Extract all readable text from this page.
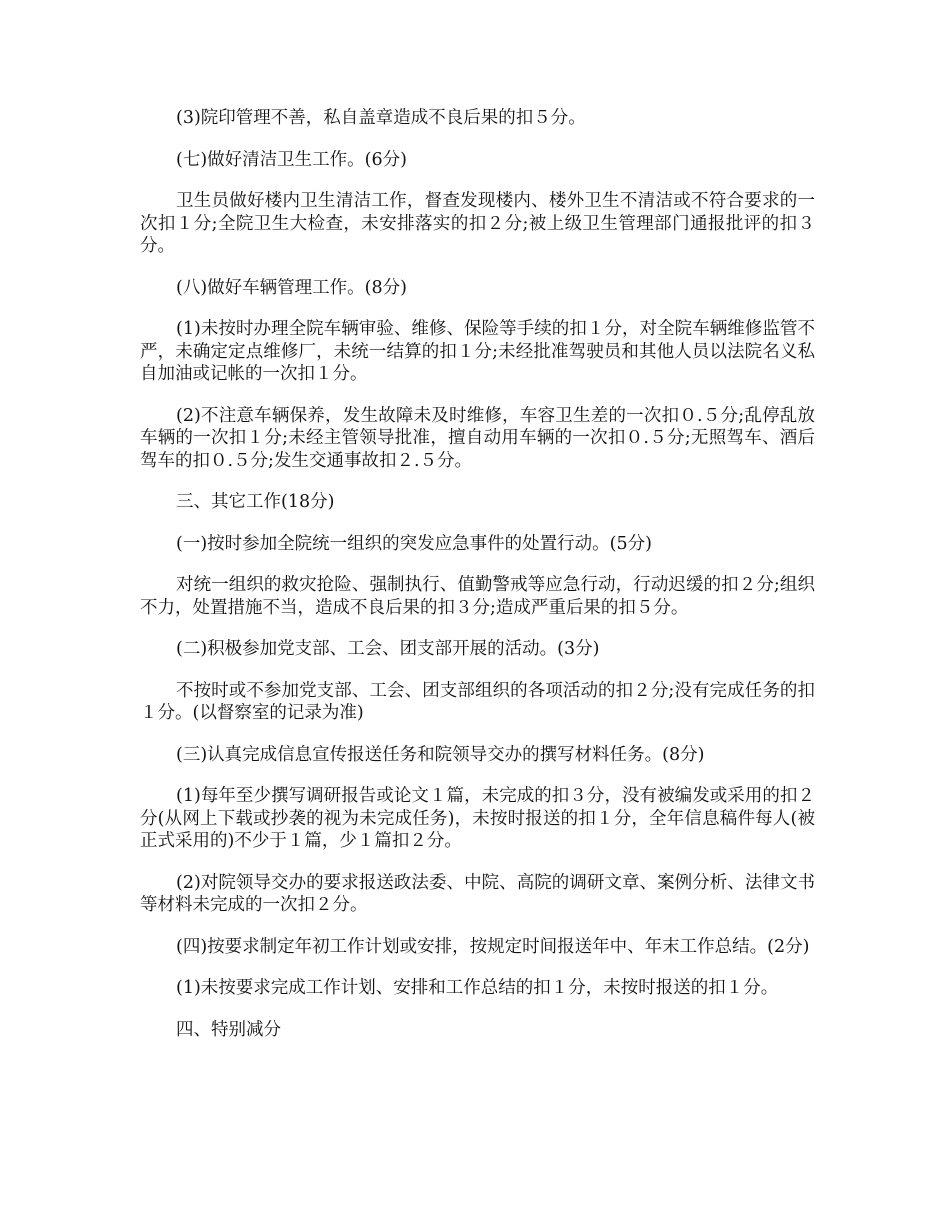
(3)院印管理不善，私自盖章造成不良后果的扣５分。

(七)做好清洁卫生工作。(6分)

卫生员做好楼内卫生清洁工作，督查发现楼内、楼外卫生不清洁或不符合要求的一次扣１分;全院卫生大检查，未安排落实的扣２分;被上级卫生管理部门通报批评的扣３分。

(八)做好车辆管理工作。(8分)

(1)未按时办理全院车辆审验、维修、保险等手续的扣１分，对全院车辆维修监管不严，未确定定点维修厂，未统一结算的扣１分;未经批准驾驶员和其他人员以法院名义私自加油或记帐的一次扣１分。

(2)不注意车辆保养，发生故障未及时维修，车容卫生差的一次扣０.５分;乱停乱放车辆的一次扣１分;未经主管领导批准，擅自动用车辆的一次扣０.５分;无照驾车、酒后驾车的扣０.５分;发生交通事故扣２.５分。

三、其它工作(18分)

(一)按时参加全院统一组织的突发应急事件的处置行动。(5分)

对统一组织的救灾抢险、强制执行、值勤警戒等应急行动，行动迟缓的扣２分;组织不力，处置措施不当，造成不良后果的扣３分;造成严重后果的扣５分。

(二)积极参加党支部、工会、团支部开展的活动。(3分)

不按时或不参加党支部、工会、团支部组织的各项活动的扣２分;没有完成任务的扣１分。(以督察室的记录为准)

(三)认真完成信息宣传报送任务和院领导交办的撰写材料任务。(8分)

(1)每年至少撰写调研报告或论文１篇，未完成的扣３分，没有被编发或采用的扣２分(从网上下载或抄袭的视为未完成任务)，未按时报送的扣１分，全年信息稿件每人(被正式采用的)不少于１篇，少１篇扣２分。

(2)对院领导交办的要求报送政法委、中院、高院的调研文章、案例分析、法律文书等材料未完成的一次扣２分。

(四)按要求制定年初工作计划或安排，按规定时间报送年中、年末工作总结。(2分)

(1)未按要求完成工作计划、安排和工作总结的扣１分，未按时报送的扣１分。

四、特别减分
